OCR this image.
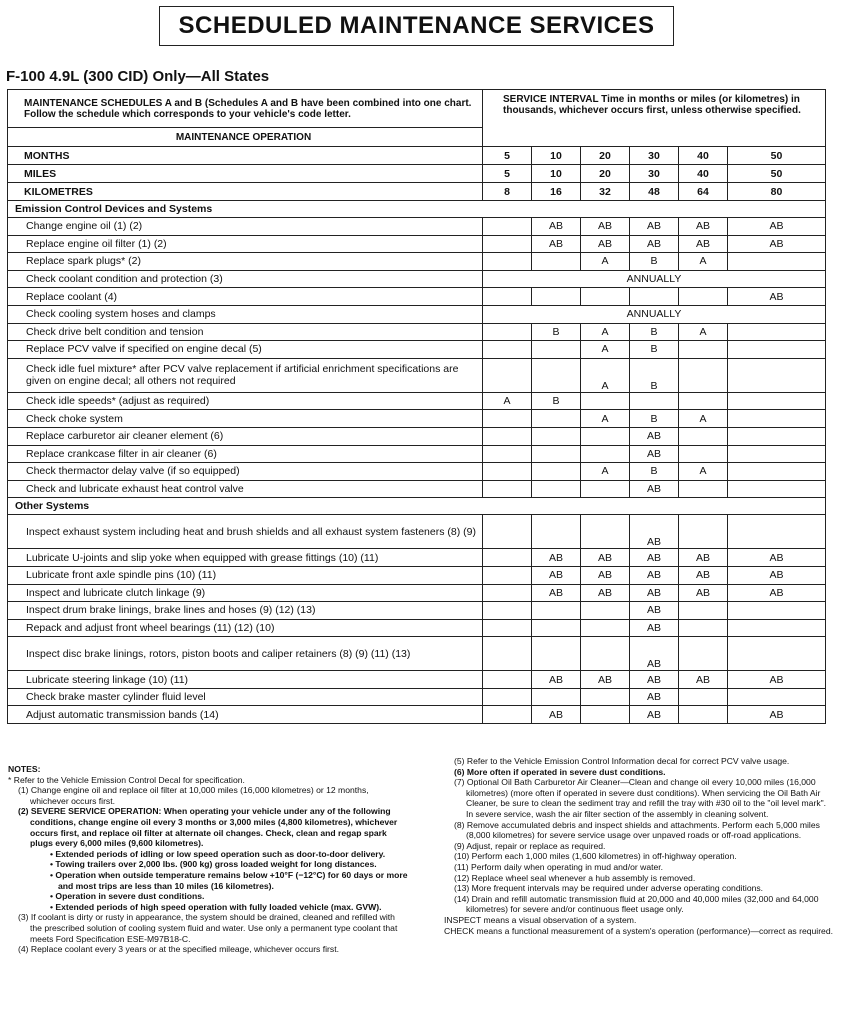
SCHEDULED MAINTENANCE SERVICES
F-100 4.9L (300 CID) Only—All States
MAINTENANCE SCHEDULES A and B (Schedules A and B have been combined into one chart. Follow the schedule which corresponds to your vehicle's code letter.	SERVICE INTERVAL Time in months or miles (or kilometres) in thousands, whichever occurs first, unless otherwise specified.					
MAINTENANCE OPERATION						
MONTHS	5	10	20	30	40	50
MILES	5	10	20	30	40	50
KILOMETRES	8	16	32	48	64	80
Emission Control Devices and Systems						
Change engine oil (1) (2)		AB	AB	AB	AB	AB
Replace engine oil filter (1) (2)		AB	AB	AB	AB	AB
Replace spark plugs* (2)			A	B	A	
Check coolant condition and protection (3)	ANNUALLY					
Replace coolant (4)						AB
Check cooling system hoses and clamps	ANNUALLY					
Check drive belt condition and tension		B	A	B	A	
Replace PCV valve if specified on engine decal (5)			A	B		
Check idle fuel mixture* after PCV valve replacement if artificial enrichment specifications are given on engine decal; all others not required			A	B		
Check idle speeds* (adjust as required)	A	B				
Check choke system			A	B	A	
Replace carburetor air cleaner element (6)				AB		
Replace crankcase filter in air cleaner (6)				AB		
Check thermactor delay valve (if so equipped)			A	B	A	
Check and lubricate exhaust heat control valve				AB		
Other Systems						
Inspect exhaust system including heat and brush shields and all exhaust system fasteners (8) (9)				AB		
Lubricate U-joints and slip yoke when equipped with grease fittings (10) (11)		AB	AB	AB	AB	AB
Lubricate front axle spindle pins (10) (11)		AB	AB	AB	AB	AB
Inspect and lubricate clutch linkage (9)		AB	AB	AB	AB	AB
Inspect drum brake linings, brake lines and hoses (9) (12) (13)				AB		
Repack and adjust front wheel bearings (11) (12) (10)				AB		
Inspect disc brake linings, rotors, piston boots and caliper retainers (8) (9) (11) (13)				AB		
Lubricate steering linkage (10) (11)		AB	AB	AB	AB	AB
Check brake master cylinder fluid level				AB		
Adjust automatic transmission bands (14)		AB		AB		AB

NOTES:

* Refer to the Vehicle Emission Control Decal for specification.

(1) Change engine oil and replace oil filter at 10,000 miles (16,000 kilometres) or 12 months, whichever occurs first.

(2) SEVERE SERVICE OPERATION: When operating your vehicle under any of the following conditions, change engine oil every 3 months or 3,000 miles (4,800 kilometres), whichever occurs first, and replace oil filter at alternate oil changes. Check, clean and regap spark plugs every 6,000 miles (9,600 kilometres).

• Extended periods of idling or low speed operation such as door-to-door delivery.

• Towing trailers over 2,000 lbs. (900 kg) gross loaded weight for long distances.

• Operation when outside temperature remains below +10°F (−12°C) for 60 days or more and most trips are less than 10 miles (16 kilometres).

• Operation in severe dust conditions.

• Extended periods of high speed operation with fully loaded vehicle (max. GVW).

(3) If coolant is dirty or rusty in appearance, the system should be drained, cleaned and refilled with the prescribed solution of cooling system fluid and water. Use only a permanent type coolant that meets Ford Specification ESE-M97B18-C.

(4) Replace coolant every 3 years or at the specified mileage, whichever occurs first.

(5) Refer to the Vehicle Emission Control Information decal for correct PCV valve usage.

(6) More often if operated in severe dust conditions.

(7) Optional Oil Bath Carburetor Air Cleaner—Clean and change oil every 10,000 miles (16,000 kilometres) (more often if operated in severe dust conditions). When servicing the Oil Bath Air Cleaner, be sure to clean the sediment tray and refill the tray with #30 oil to the "oil level mark". In severe service, wash the air filter section of the assembly in cleaning solvent.

(8) Remove accumulated debris and inspect shields and attachments. Perform each 5,000 miles (8,000 kilometres) for severe service usage over unpaved roads or off-road applications.

(9) Adjust, repair or replace as required.

(10) Perform each 1,000 miles (1,600 kilometres) in off-highway operation.

(11) Perform daily when operating in mud and/or water.

(12) Replace wheel seal whenever a hub assembly is removed.

(13) More frequent intervals may be required under adverse operating conditions.

(14) Drain and refill automatic transmission fluid at 20,000 and 40,000 miles (32,000 and 64,000 kilometres) for severe and/or continuous fleet usage only.

INSPECT means a visual observation of a system.

CHECK means a functional measurement of a system's operation (performance)—correct as required.
